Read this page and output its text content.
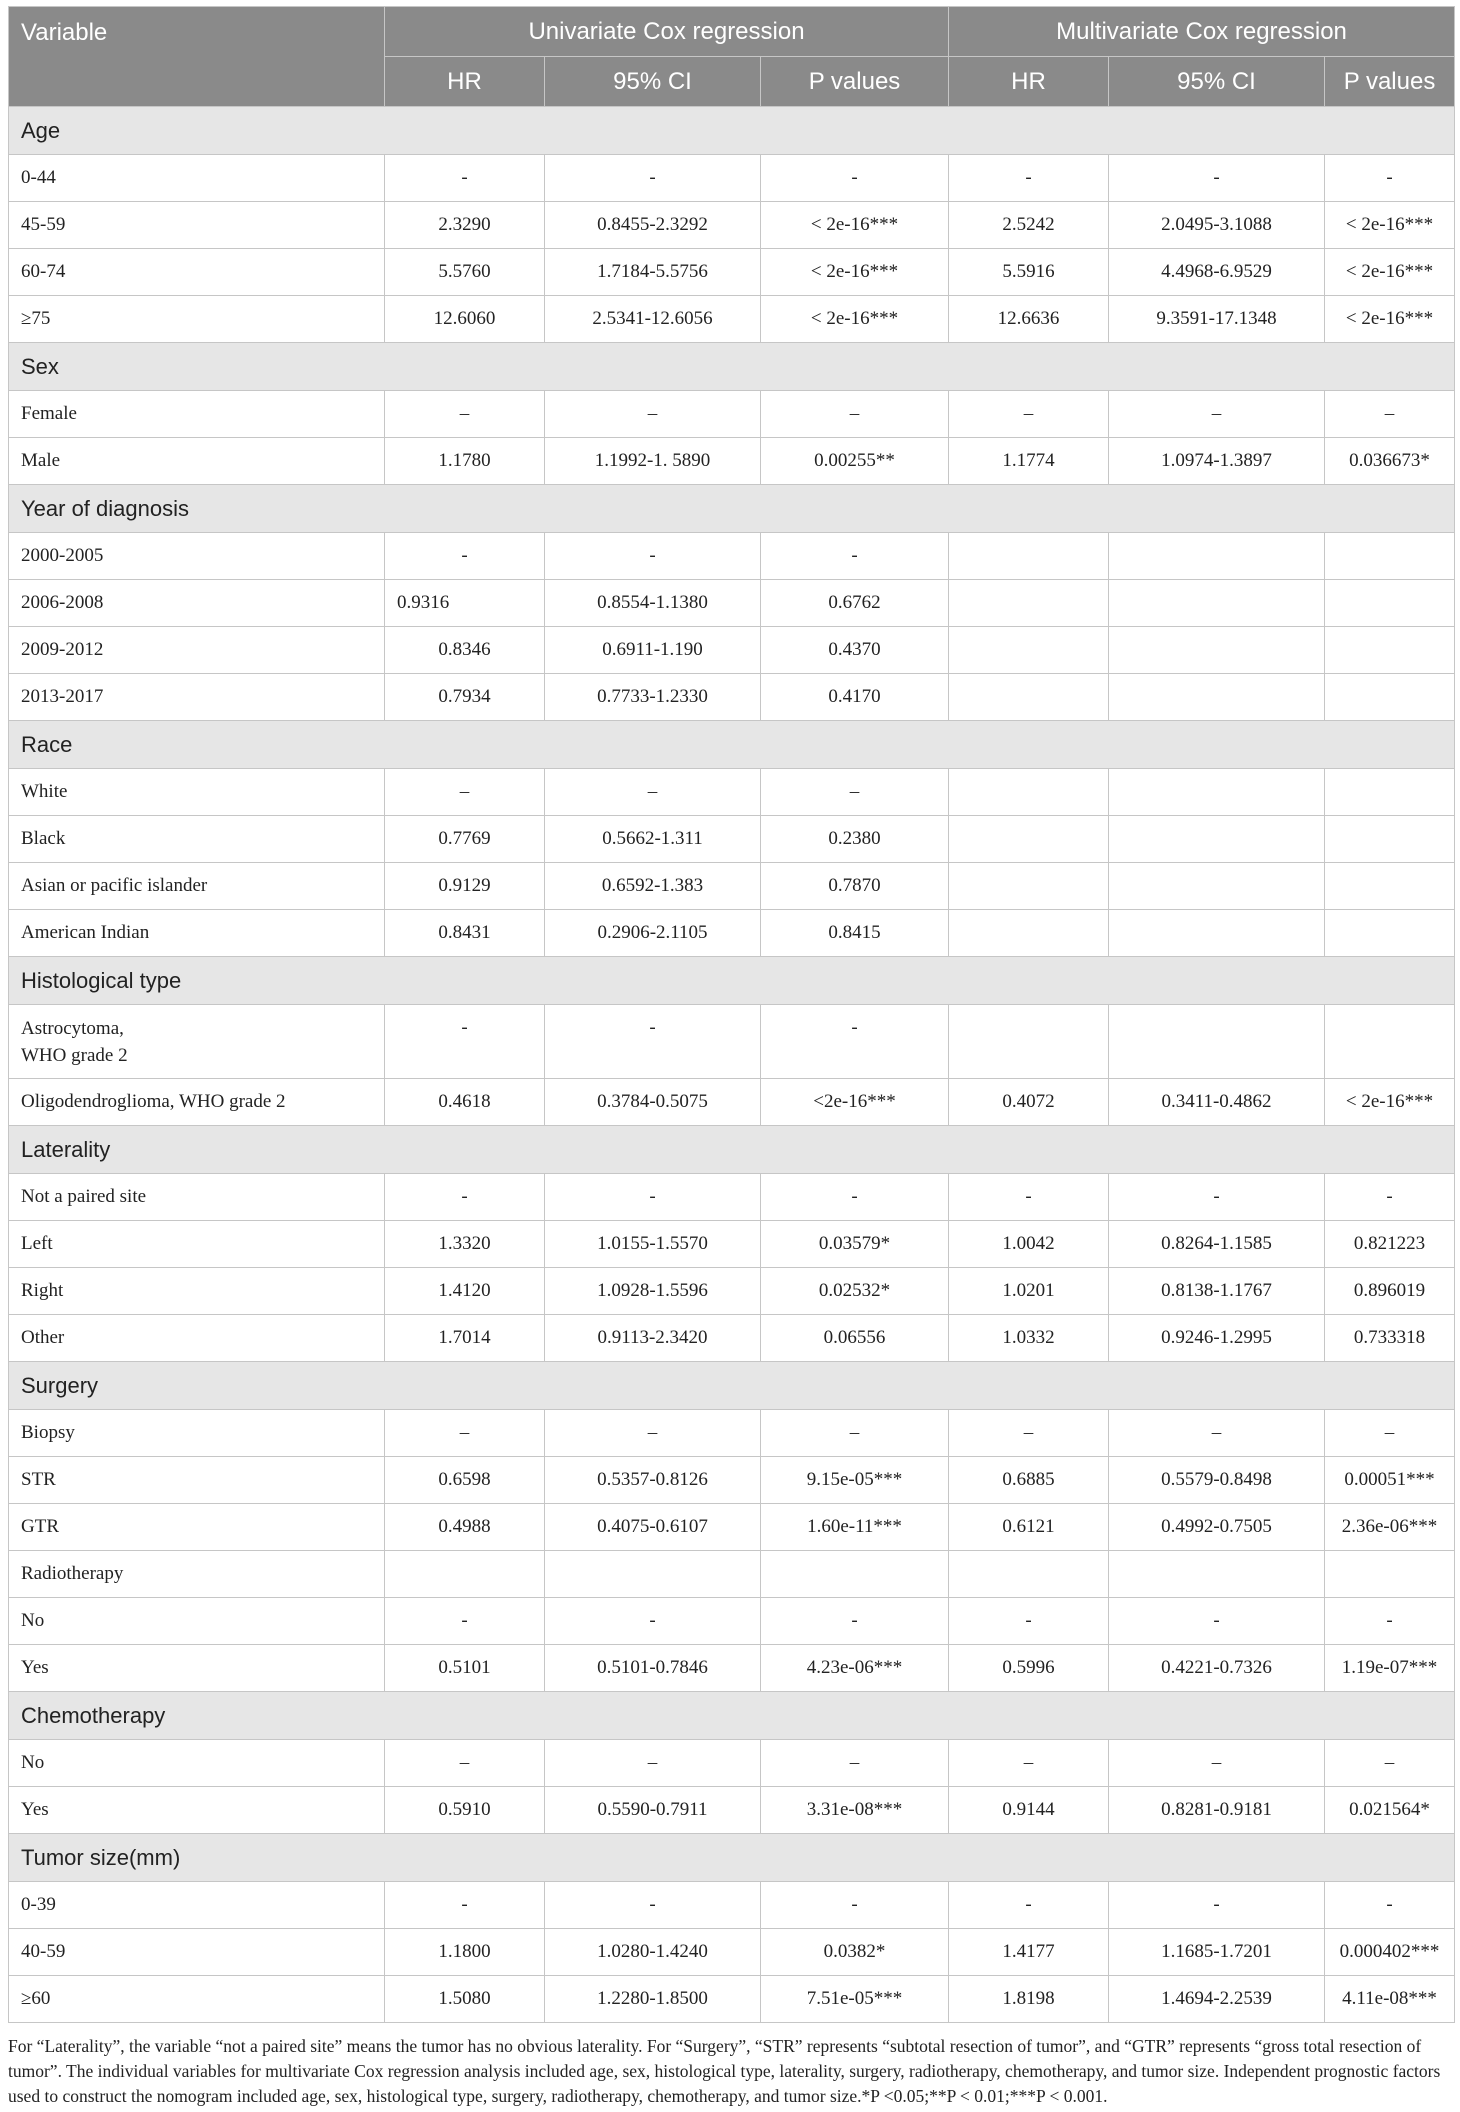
Variable	Univariate Cox regression			Multivariate Cox regression		
	HR	95% CI	P values	HR	95% CI	P values
Age						
0-44	-	-	-	-	-	-
45-59	2.3290	0.8455-2.3292	< 2e-16***	2.5242	2.0495-3.1088	< 2e-16***
60-74	5.5760	1.7184-5.5756	< 2e-16***	5.5916	4.4968-6.9529	< 2e-16***
≥75	12.6060	2.5341-12.6056	< 2e-16***	12.6636	9.3591-17.1348	< 2e-16***
Sex						
Female	–	–	–	–	–	–
Male	1.1780	1.1992-1. 5890	0.00255**	1.1774	1.0974-1.3897	0.036673*
Year of diagnosis						
2000-2005	-	-	-			
2006-2008	0.9316	0.8554-1.1380	0.6762			
2009-2012	0.8346	0.6911-1.190	0.4370			
2013-2017	0.7934	0.7733-1.2330	0.4170			
Race						
White	–	–	–			
Black	0.7769	0.5662-1.311	0.2380			
Asian or pacific islander	0.9129	0.6592-1.383	0.7870			
American Indian	0.8431	0.2906-2.1105	0.8415			
Histological type						
Astrocytoma,
WHO grade 2	-	-	-			
Oligodendroglioma, WHO grade 2	0.4618	0.3784-0.5075	<2e-16***	0.4072	0.3411-0.4862	< 2e-16***
Laterality						
Not a paired site	-	-	-	-	-	-
Left	1.3320	1.0155-1.5570	0.03579*	1.0042	0.8264-1.1585	0.821223
Right	1.4120	1.0928-1.5596	0.02532*	1.0201	0.8138-1.1767	0.896019
Other	1.7014	0.9113-2.3420	0.06556	1.0332	0.9246-1.2995	0.733318
Surgery						
Biopsy	–	–	–	–	–	–
STR	0.6598	0.5357-0.8126	9.15e-05***	0.6885	0.5579-0.8498	0.00051***
GTR	0.4988	0.4075-0.6107	1.60e-11***	0.6121	0.4992-0.7505	2.36e-06***
Radiotherapy						
No	-	-	-	-	-	-
Yes	0.5101	0.5101-0.7846	4.23e-06***	0.5996	0.4221-0.7326	1.19e-07***
Chemotherapy						
No	–	–	–	–	–	–
Yes	0.5910	0.5590-0.7911	3.31e-08***	0.9144	0.8281-0.9181	0.021564*
Tumor size(mm)						
0-39	-	-	-	-	-	-
40-59	1.1800	1.0280-1.4240	0.0382*	1.4177	1.1685-1.7201	0.000402***
≥60	1.5080	1.2280-1.8500	7.51e-05***	1.8198	1.4694-2.2539	4.11e-08***
For “Laterality”, the variable “not a paired site” means the tumor has no obvious laterality. For “Surgery”, “STR” represents “subtotal resection of tumor”, and “GTR” represents “gross total resection of tumor”. The individual variables for multivariate Cox regression analysis included age, sex, histological type, laterality, surgery, radiotherapy, chemotherapy, and tumor size. Independent prognostic factors used to construct the nomogram included age, sex, histological type, surgery, radiotherapy, chemotherapy, and tumor size.*P <0.05;**P < 0.01;***P < 0.001.
